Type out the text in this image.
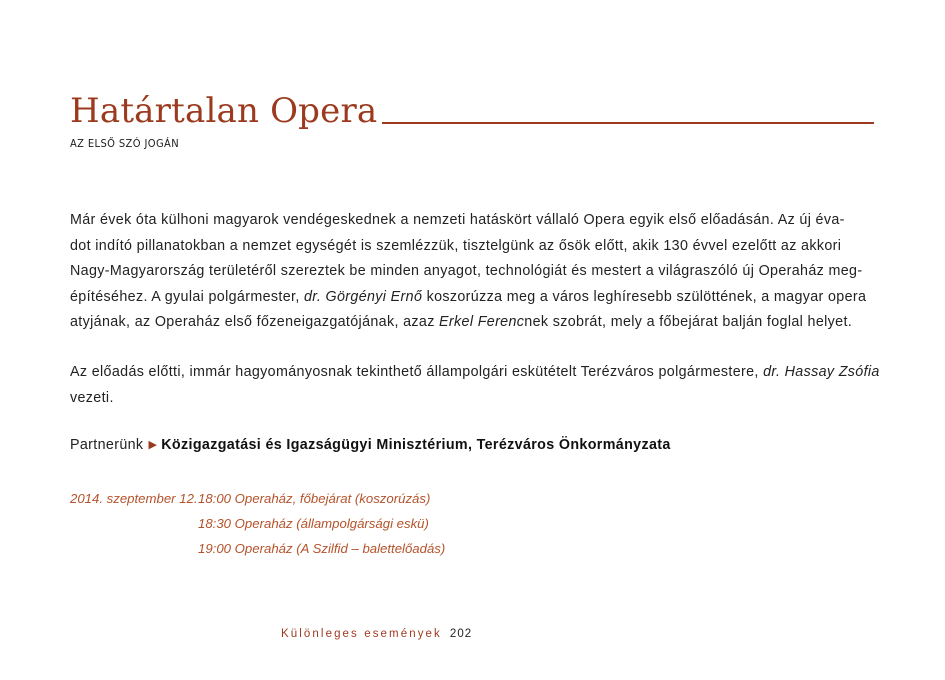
Határtalan Opera
AZ ELSŐ SZÓ JOGÁN
Már évek óta külhoni magyarok vendégeskednek a nemzeti hatáskört vállaló Opera egyik első előadásán. Az új éva-
dot indító pillanatokban a nemzet egységét is szemlézzük, tisztelgünk az ősök előtt, akik 130 évvel ezelőtt az akkori
Nagy-Magyarország területéről szereztek be minden anyagot, technológiát és mestert a világraszóló új Operaház meg-
építéséhez. A gyulai polgármester, dr. Görgényi Ernő koszorúzza meg a város leghíresebb szülöttének, a magyar opera
atyjának, az Operaház első főzeneigazgatójának, azaz Erkel Ferencnek szobrát, mely a főbejárat balján foglal helyet.
Az előadás előtti, immár hagyományosnak tekinthető állampolgári eskütételt Terézváros polgármestere, dr. Hassay Zsófia
vezeti.
Partnerünk ▶ Közigazgatási és Igazságügyi Minisztérium, Terézváros Önkormányzata
2014. szeptember 12.18:00 Operaház, főbejárat (koszorúzás)
18:30 Operaház (állampolgársági eskü)
19:00 Operaház (A Szilfid – balettelőadás)
Különleges események 202
